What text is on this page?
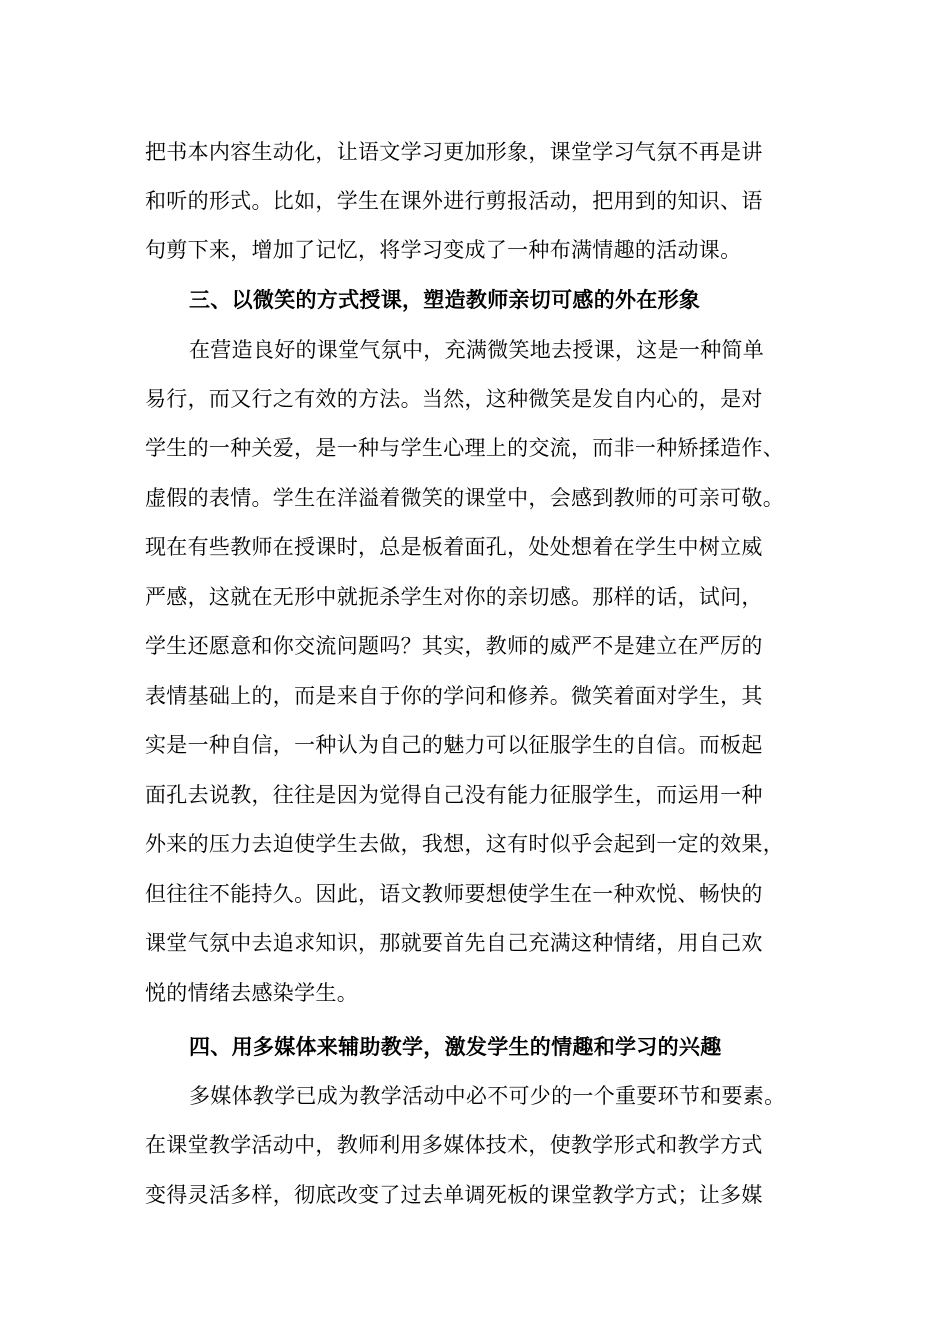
把书本内容生动化，让语文学习更加形象，课堂学习气氛不再是讲
和听的形式。比如，学生在课外进行剪报活动，把用到的知识、语
句剪下来，增加了记忆，将学习变成了一种布满情趣的活动课。
三、以微笑的方式授课，塑造教师亲切可感的外在形象
在营造良好的课堂气氛中，充满微笑地去授课，这是一种简单
易行，而又行之有效的方法。当然，这种微笑是发自内心的，是对
学生的一种关爱，是一种与学生心理上的交流，而非一种矫揉造作、
虚假的表情。学生在洋溢着微笑的课堂中，会感到教师的可亲可敬。
现在有些教师在授课时，总是板着面孔，处处想着在学生中树立威
严感，这就在无形中就扼杀学生对你的亲切感。那样的话，试问，
学生还愿意和你交流问题吗？其实，教师的威严不是建立在严厉的
表情基础上的，而是来自于你的学问和修养。微笑着面对学生，其
实是一种自信，一种认为自己的魅力可以征服学生的自信。而板起
面孔去说教，往往是因为觉得自己没有能力征服学生，而运用一种
外来的压力去迫使学生去做，我想，这有时似乎会起到一定的效果，
但往往不能持久。因此，语文教师要想使学生在一种欢悦、畅快的
课堂气氛中去追求知识，那就要首先自己充满这种情绪，用自己欢
悦的情绪去感染学生。
四、用多媒体来辅助教学，激发学生的情趣和学习的兴趣
多媒体教学已成为教学活动中必不可少的一个重要环节和要素。
在课堂教学活动中，教师利用多媒体技术，使教学形式和教学方式
变得灵活多样，彻底改变了过去单调死板的课堂教学方式；让多媒
